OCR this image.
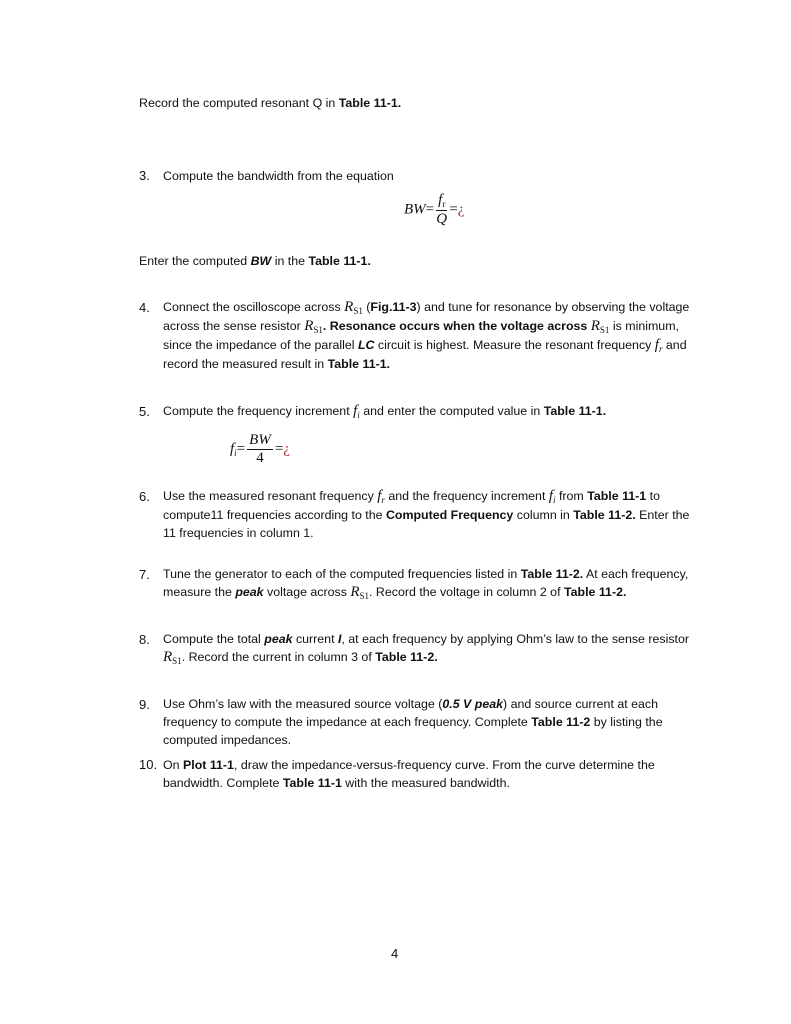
Record the computed resonant Q in Table 11-1.
3. Compute the bandwidth from the equation
$BW= \frac{f_r}{Q}$ =¿
Enter the computed BW in the Table 11-1.
4. Connect the oscilloscope across $R_{S1}$ (Fig.11-3) and tune for resonance by observing the voltage across the sense resistor $R_{S1}$. Resonance occurs when the voltage across $R_{S1}$ is minimum, since the impedance of the parallel LC circuit is highest. Measure the resonant frequency $f_r$ and record the measured result in Table 11-1.
5. Compute the frequency increment $f_i$ and enter the computed value in Table 11-1.
$f_i= \frac{BW}{4}$ =¿
6. Use the measured resonant frequency $f_r$ and the frequency increment $f_i$ from Table 11-1 to compute11 frequencies according to the Computed Frequency column in Table 11-2. Enter the 11 frequencies in column 1.
7. Tune the generator to each of the computed frequencies listed in Table 11-2. At each frequency, measure the peak voltage across $R_{S1}$. Record the voltage in column 2 of Table 11-2.
8. Compute the total peak current I, at each frequency by applying Ohm’s law to the sense resistor $R_{S1}$. Record the current in column 3 of Table 11-2.
9. Use Ohm’s law with the measured source voltage (0.5 V peak) and source current at each frequency to compute the impedance at each frequency. Complete Table 11-2 by listing the computed impedances.
10. On Plot 11-1, draw the impedance-versus-frequency curve. From the curve determine the bandwidth. Complete Table 11-1 with the measured bandwidth.
4
